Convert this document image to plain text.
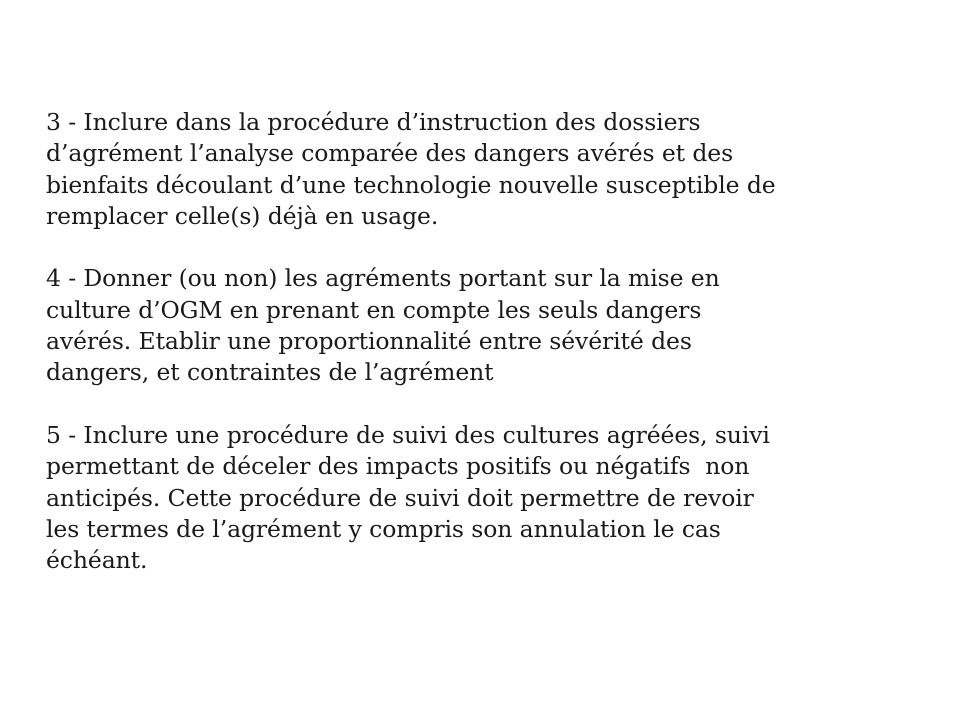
3 - Inclure dans la procédure d’instruction des dossiers
d’agrément l’analyse comparée des dangers avérés et des
bienfaits découlant d’une technologie nouvelle susceptible de
remplacer celle(s) déjà en usage.
4 - Donner (ou non) les agréments portant sur la mise en
culture d’OGM en prenant en compte les seuls dangers
avérés. Etablir une proportionnalité entre sévérité des
dangers, et contraintes de l’agrément
5 - Inclure une procédure de suivi des cultures agréées, suivi
permettant de déceler des impacts positifs ou négatifs  non
anticipés. Cette procédure de suivi doit permettre de revoir
les termes de l’agrément y compris son annulation le cas
échéant.
